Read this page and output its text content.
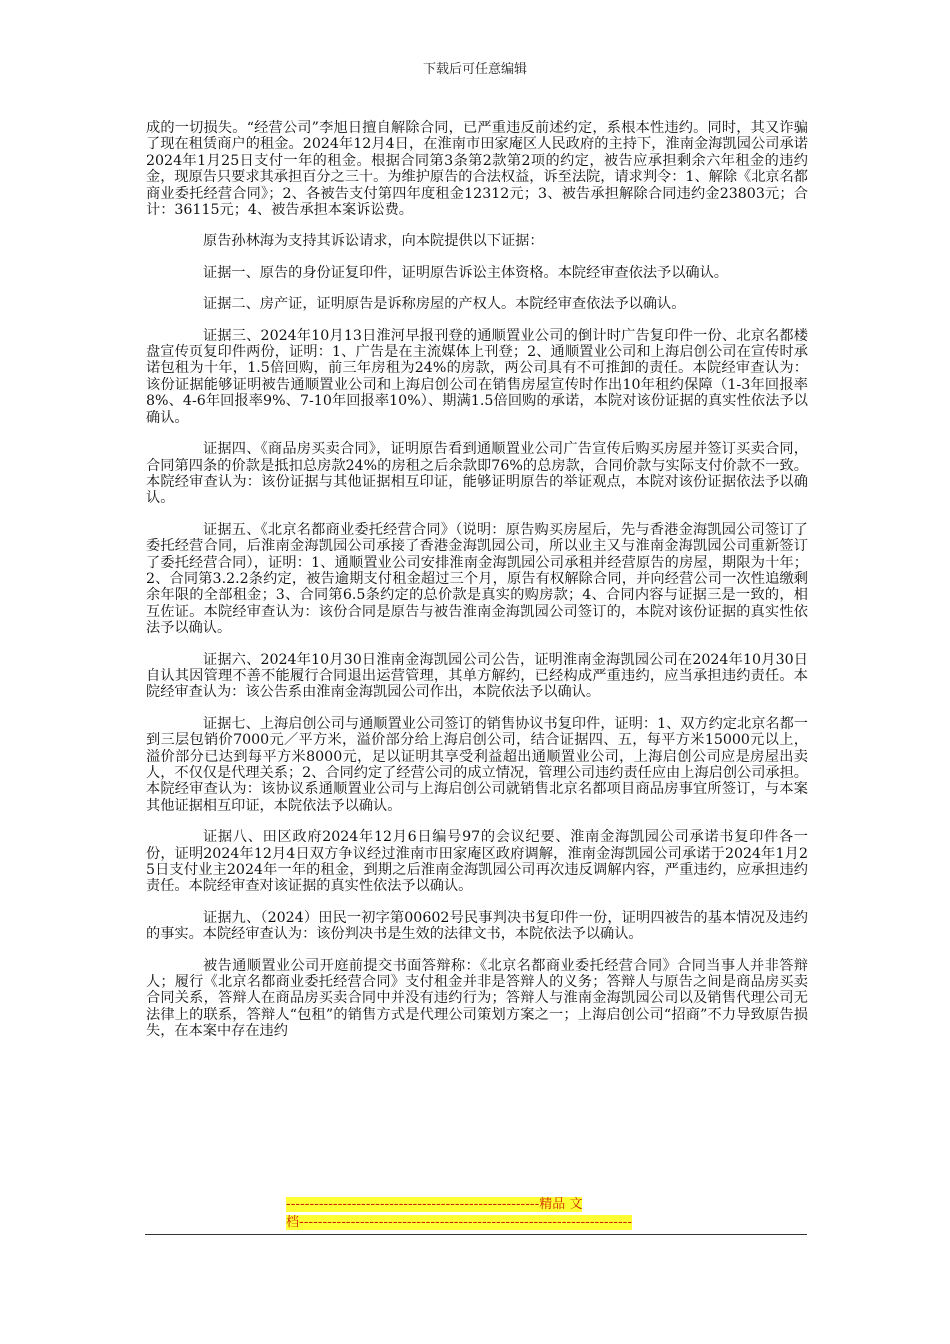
下载后可任意编辑

成的一切损失。“经营公司”李旭日擅自解除合同，已严重违反前述约定，系根本性违约。同时，其又诈骗了现在租赁商户的租金。2024年12月4日，在淮南市田家庵区人民政府的主持下，淮南金海凯园公司承诺2024年1月25日支付一年的租金。根据合同第3条第2款第2项的约定，被告应承担剩余六年租金的违约金，现原告只要求其承担百分之三十。为维护原告的合法权益，诉至法院，请求判令：1、解除《北京名都商业委托经营合同》；2、各被告支付第四年度租金12312元；3、被告承担解除合同违约金23803元；合计：36115元；4、被告承担本案诉讼费。

原告孙林海为支持其诉讼请求，向本院提供以下证据：

证据一、原告的身份证复印件，证明原告诉讼主体资格。本院经审查依法予以确认。

证据二、房产证，证明原告是诉称房屋的产权人。本院经审查依法予以确认。

证据三、2024年10月13日淮河早报刊登的通顺置业公司的倒计时广告复印件一份、北京名都楼盘宣传页复印件两份，证明：1、广告是在主流媒体上刊登；2、通顺置业公司和上海启创公司在宣传时承诺包租为十年，1.5倍回购，前三年房租为24%的房款，两公司具有不可推卸的责任。本院经审查认为：该份证据能够证明被告通顺置业公司和上海启创公司在销售房屋宣传时作出10年租约保障（1-3年回报率8%、4-6年回报率9%、7-10年回报率10%）、期满1.5倍回购的承诺，本院对该份证据的真实性依法予以确认。

证据四、《商品房买卖合同》，证明原告看到通顺置业公司广告宣传后购买房屋并签订买卖合同，合同第四条的价款是抵扣总房款24%的房租之后余款即76%的总房款，合同价款与实际支付价款不一致。本院经审查认为：该份证据与其他证据相互印证，能够证明原告的举证观点，本院对该份证据依法予以确认。

证据五、《北京名都商业委托经营合同》（说明：原告购买房屋后，先与香港金海凯园公司签订了委托经营合同，后淮南金海凯园公司承接了香港金海凯园公司，所以业主又与淮南金海凯园公司重新签订了委托经营合同），证明：1、通顺置业公司安排淮南金海凯园公司承租并经营原告的房屋，期限为十年；2、合同第3.2.2条约定，被告逾期支付租金超过三个月，原告有权解除合同，并向经营公司一次性追缴剩余年限的全部租金；3、合同第6.5条约定的总价款是真实的购房款；4、合同内容与证据三是一致的，相互佐证。本院经审查认为：该份合同是原告与被告淮南金海凯园公司签订的，本院对该份证据的真实性依法予以确认。

证据六、2024年10月30日淮南金海凯园公司公告，证明淮南金海凯园公司在2024年10月30日自认其因管理不善不能履行合同退出运营管理，其单方解约，已经构成严重违约，应当承担违约责任。本院经审查认为：该公告系由淮南金海凯园公司作出，本院依法予以确认。

证据七、上海启创公司与通顺置业公司签订的销售协议书复印件，证明：1、双方约定北京名都一到三层包销价7000元／平方米，溢价部分给上海启创公司，结合证据四、五，每平方米15000元以上，溢价部分已达到每平方米8000元，足以证明其享受利益超出通顺置业公司，上海启创公司应是房屋出卖人，不仅仅是代理关系；2、合同约定了经营公司的成立情况，管理公司违约责任应由上海启创公司承担。本院经审查认为：该协议系通顺置业公司与上海启创公司就销售北京名都项目商品房事宜所签订，与本案其他证据相互印证，本院依法予以确认。

证据八、田区政府2024年12月6日编号97的会议纪要、淮南金海凯园公司承诺书复印件各一份，证明2024年12月4日双方争议经过淮南市田家庵区政府调解，淮南金海凯园公司承诺于2024年1月25日支付业主2024年一年的租金，到期之后淮南金海凯园公司再次违反调解内容，严重违约，应承担违约责任。本院经审查对该证据的真实性依法予以确认。

证据九、（2024）田民一初字第00602号民事判决书复印件一份，证明四被告的基本情况及违约的事实。本院经审查认为：该份判决书是生效的法律文书，本院依法予以确认。

被告通顺置业公司开庭前提交书面答辩称：《北京名都商业委托经营合同》合同当事人并非答辩人；履行《北京名都商业委托经营合同》支付租金并非是答辩人的义务；答辩人与原告之间是商品房买卖合同关系，答辩人在商品房买卖合同中并没有违约行为；答辩人与淮南金海凯园公司以及销售代理公司无法律上的联系，答辩人“包租”的销售方式是代理公司策划方案之一；上海启创公司“招商”不力导致原告损失，在本案中存在违约

------------------------------------------------------精品 文
档-----------------------------------------------------------------------
